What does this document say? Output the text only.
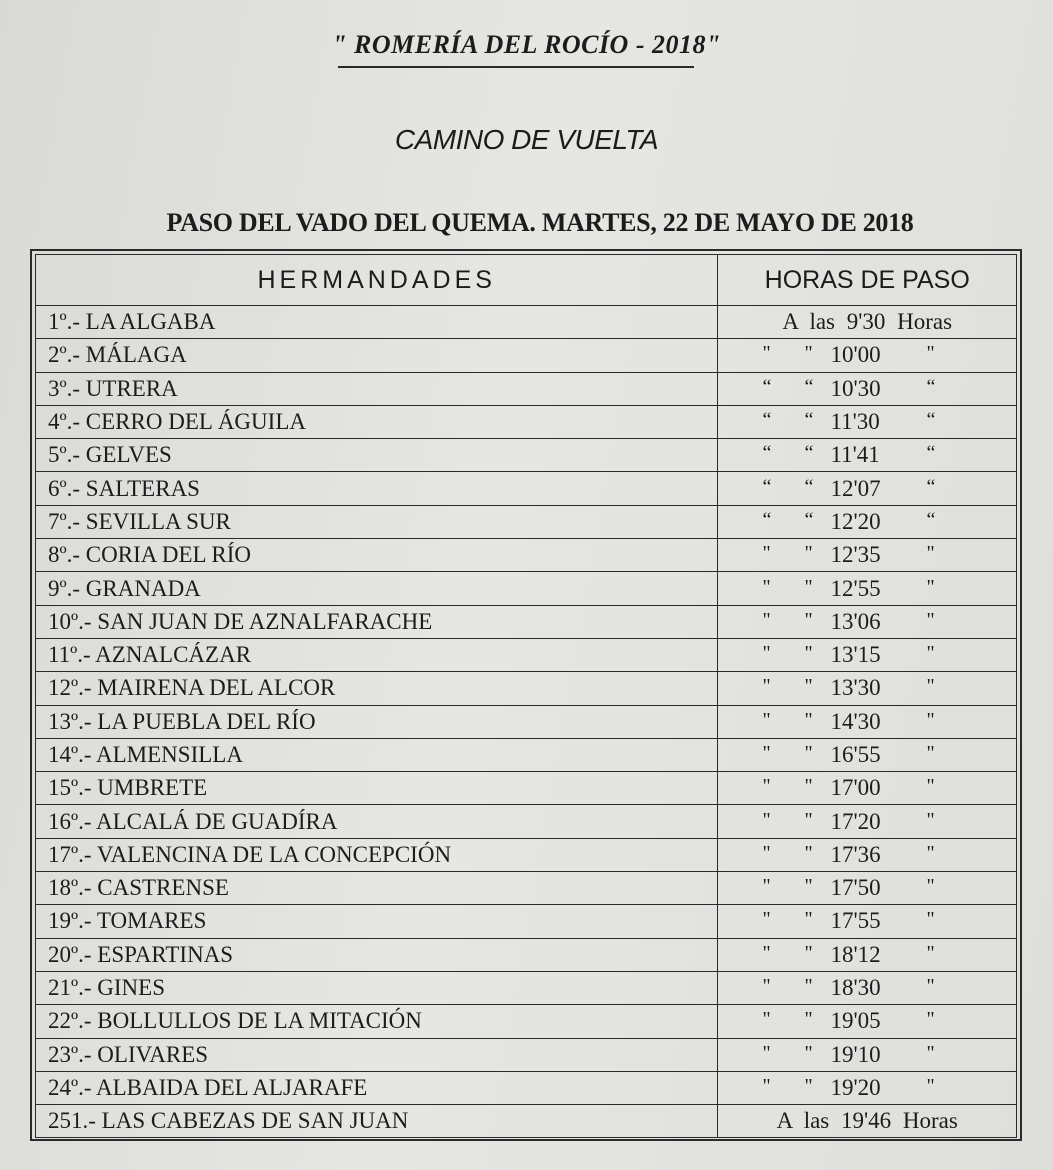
" ROMERÍA DEL ROCÍO - 2018"
CAMINO DE VUELTA
PASO DEL VADO DEL QUEMA. MARTES, 22 DE MAYO DE 2018
HERMANDADES	HORAS DE PASO
1º.- LA ALGABA	A las 9'30 Horas

2º.- MÁLAGA	" " 10'00 "

3º.- UTRERA	“ “ 10'30 “

4º.- CERRO DEL ÁGUILA	“ “ 11'30 “

5º.- GELVES	“ “ 11'41 “

6º.- SALTERAS	“ “ 12'07 “

7º.- SEVILLA SUR	“ “ 12'20 “

8º.- CORIA DEL RÍO	" " 12'35 "

9º.- GRANADA	" " 12'55 "

10º.- SAN JUAN DE AZNALFARACHE	" " 13'06 "

11º.- AZNALCÁZAR	" " 13'15 "

12º.- MAIRENA DEL ALCOR	" " 13'30 "

13º.- LA PUEBLA DEL RÍO	" " 14'30 "

14º.- ALMENSILLA	" " 16'55 "

15º.- UMBRETE	" " 17'00 "

16º.- ALCALÁ DE GUADÍRA	" " 17'20 "

17º.- VALENCINA DE LA CONCEPCIÓN	" " 17'36 "

18º.- CASTRENSE	" " 17'50 "

19º.- TOMARES	" " 17'55 "

20º.- ESPARTINAS	" " 18'12 "

21º.- GINES	" " 18'30 "

22º.- BOLLULLOS DE LA MITACIÓN	" " 19'05 "

23º.- OLIVARES	" " 19'10 "

24º.- ALBAIDA DEL ALJARAFE	" " 19'20 "

251.- LAS CABEZAS DE SAN JUAN	A las 19'46 Horas
